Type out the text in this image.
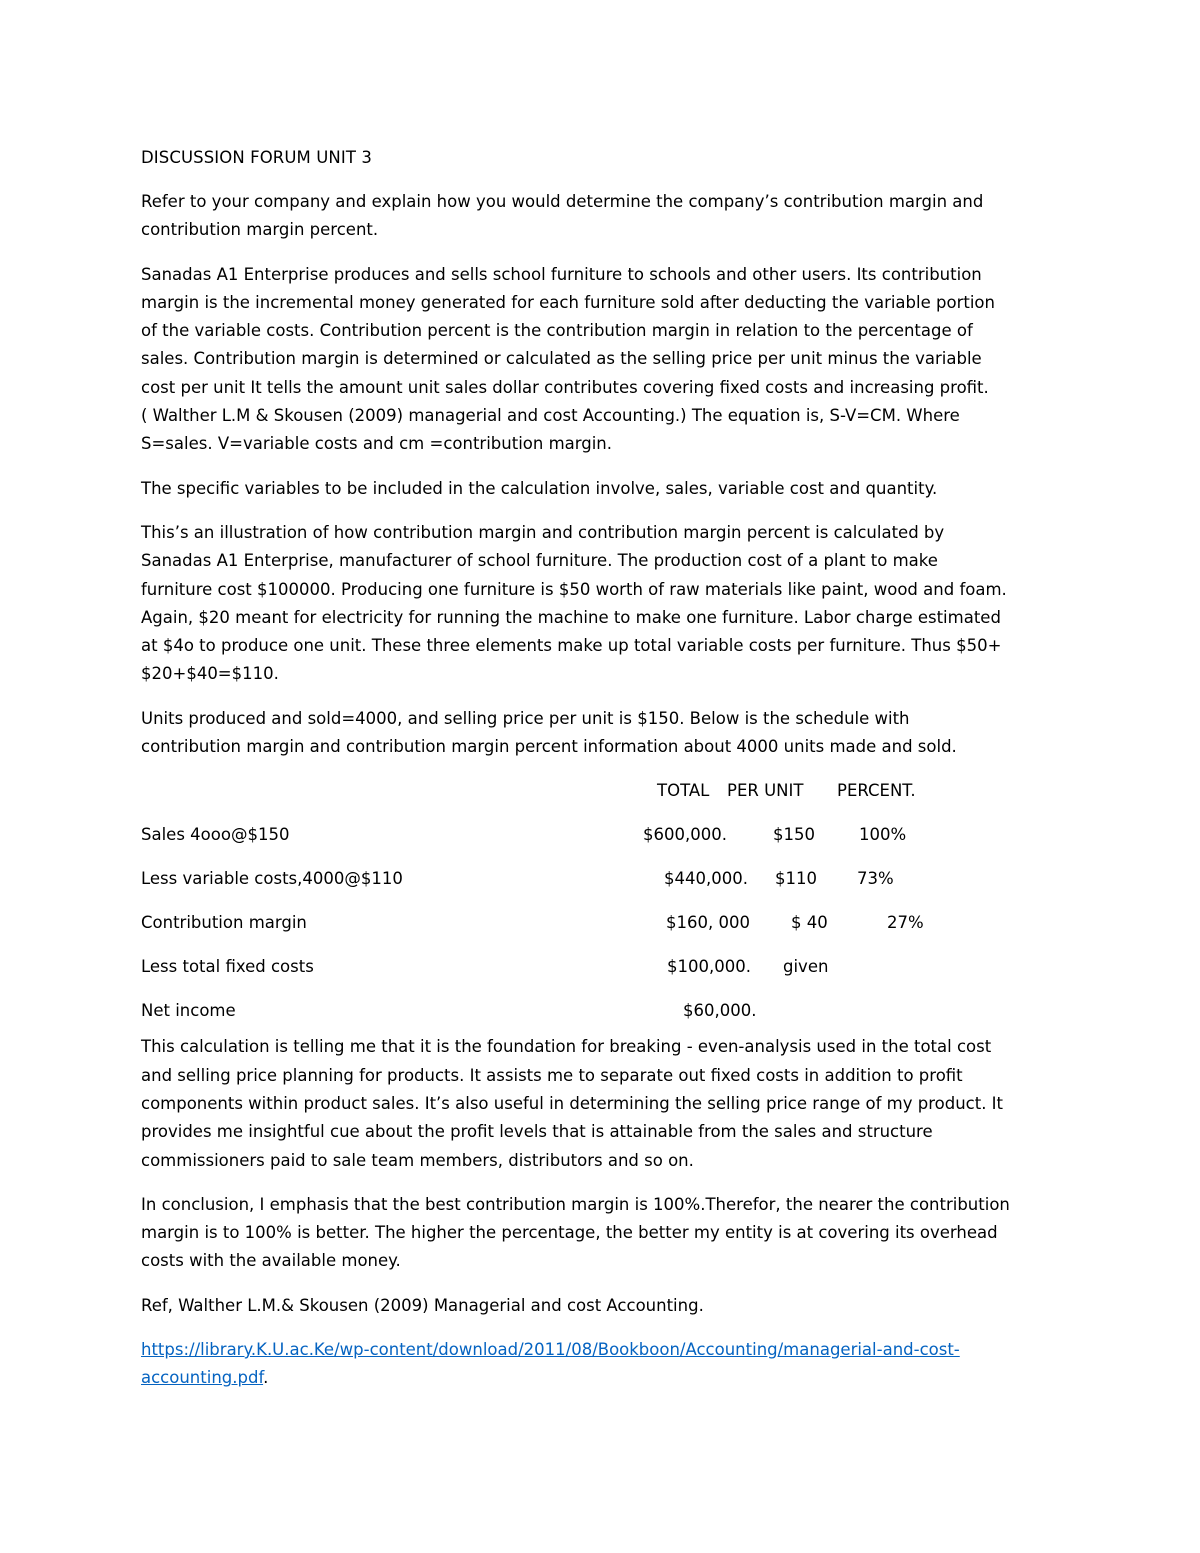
DISCUSSION FORUM UNIT 3

Refer to your company and explain how you would determine the company’s contribution margin and
contribution margin percent.

Sanadas A1 Enterprise produces and sells school furniture to schools and other users. Its contribution
margin is the incremental money generated for each furniture sold after deducting the variable portion
of the variable costs. Contribution percent is the contribution margin in relation to the percentage of
sales. Contribution margin is determined or calculated as the selling price per unit minus the variable
cost per unit It tells the amount unit sales dollar contributes covering fixed costs and increasing profit.
( Walther L.M & Skousen (2009) managerial and cost Accounting.) The equation is, S-V=CM. Where
S=sales. V=variable costs and cm =contribution margin.

The specific variables to be included in the calculation involve, sales, variable cost and quantity.

This’s an illustration of how contribution margin and contribution margin percent is calculated by
Sanadas A1 Enterprise, manufacturer of school furniture. The production cost of a plant to make
furniture cost $100000. Producing one furniture is $50 worth of raw materials like paint, wood and foam.
Again, $20 meant for electricity for running the machine to make one furniture. Labor charge estimated
at $4o to produce one unit. These three elements make up total variable costs per furniture. Thus $50+
$20+$40=$110.

Units produced and sold=4000, and selling price per unit is $150. Below is the schedule with
contribution margin and contribution margin percent information about 4000 units made and sold.

TOTAL PER UNIT PERCENT.
Sales 4ooo@$150	$600,000.	$150	100%
Less variable costs,4000@$110	$440,000. $110 73%
Contribution margin	$160, 000 $ 40	27%
Less total fixed costs	$100,000. given
Net income	$60,000.

This calculation is telling me that it is the foundation for breaking - even-analysis used in the total cost
and selling price planning for products. It assists me to separate out fixed costs in addition to profit
components within product sales. It’s also useful in determining the selling price range of my product. It
provides me insightful cue about the profit levels that is attainable from the sales and structure
commissioners paid to sale team members, distributors and so on.

In conclusion, I emphasis that the best contribution margin is 100%.Therefor, the nearer the contribution
margin is to 100% is better. The higher the percentage, the better my entity is at covering its overhead
costs with the available money.

Ref, Walther L.M.& Skousen (2009) Managerial and cost Accounting.

https://library.K.U.ac.Ke/wp-content/download/2011/08/Bookboon/Accounting/managerial-and-cost-
accounting.pdf.
